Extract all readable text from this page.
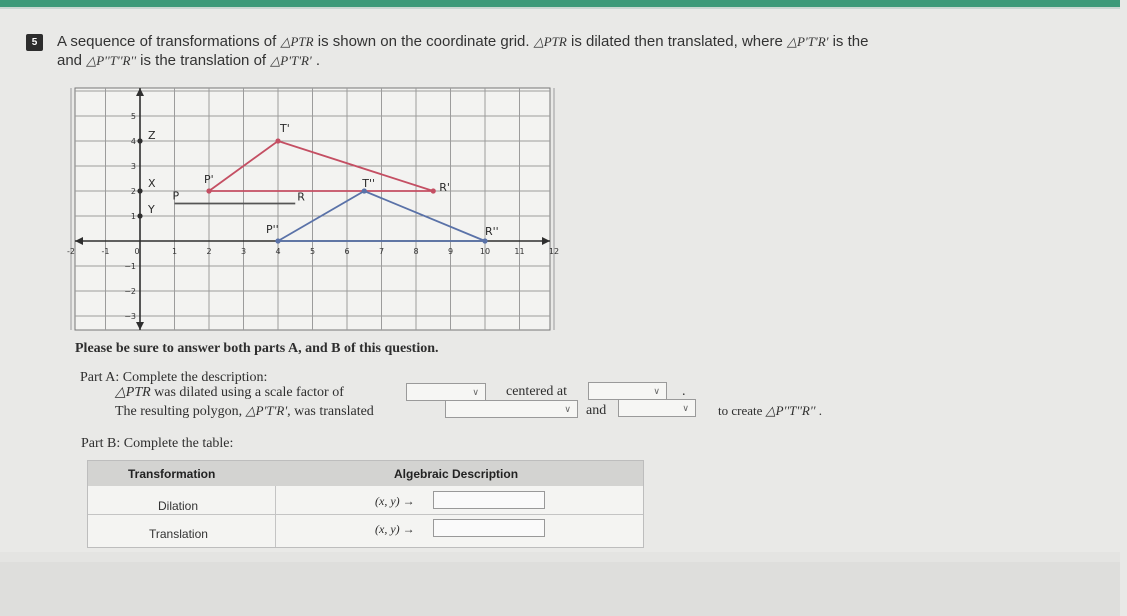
5	A sequence of transformations of △PTR is shown on the coordinate grid. △PTR is dilated then translated, where △P'T'R' is the
and △P''T''R'' is the translation of △P'T'R' .
-2	-1	0	1	2	3	4	5	6	7	8	9	10	11	12
5
4
3
2
1
−1
−2
−3
Z
X
Y
P	R
P'
T'
R'
P''
T''
R''
Please be sure to answer both parts A, and B of this question.
Part A: Complete the description:
△PTR was dilated using a scale factor of	∨ centered at	∨ .
The resulting polygon, △P'T'R', was translated	∨ and	∨ to create △P''T''R'' .
Part B: Complete the table:
Transformation	Algebraic Description
Dilation	(x, y) →
Translation	(x, y) →
